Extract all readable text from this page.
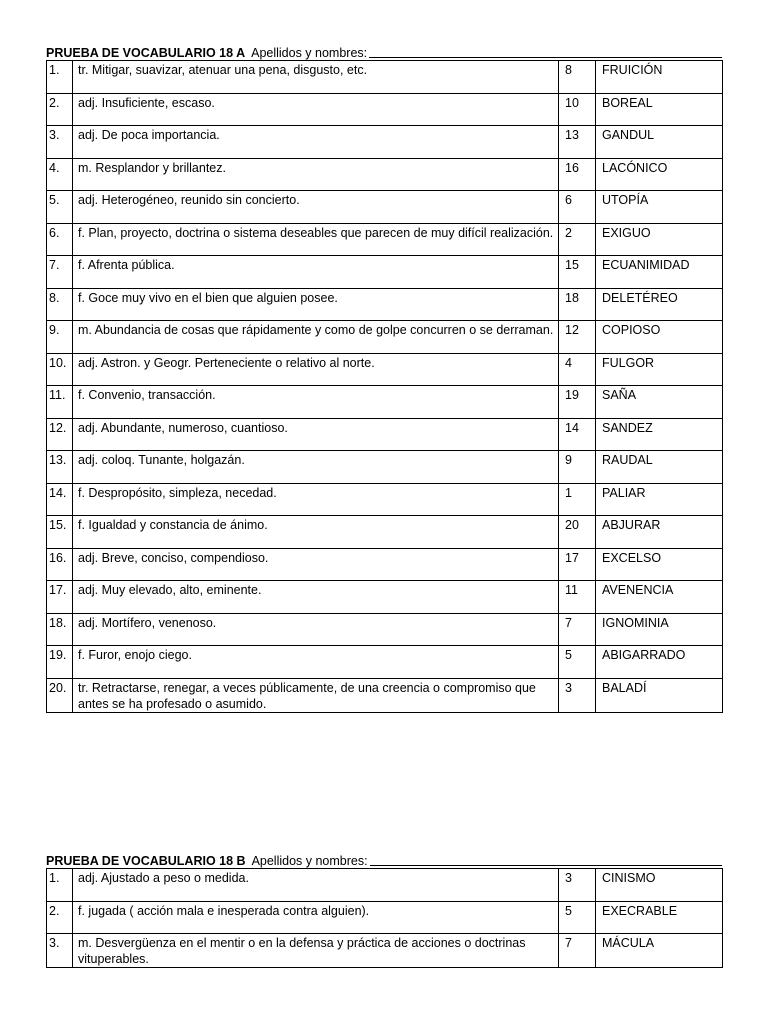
PRUEBA DE VOCABULARIO 18 A Apellidos y nombres:
1.	tr. Mitigar, suavizar, atenuar una pena, disgusto, etc.	8	FRUICIÓN
2.	adj. Insuficiente, escaso.	10	BOREAL
3.	adj. De poca importancia.	13	GANDUL
4.	m. Resplandor y brillantez.	16	LACÓNICO
5.	adj. Heterogéneo, reunido sin concierto.	6	UTOPÍA
6.	f. Plan, proyecto, doctrina o sistema deseables que parecen de muy difícil realización.	2	EXIGUO
7.	f. Afrenta pública.	15	ECUANIMIDAD
8.	f. Goce muy vivo en el bien que alguien posee.	18	DELETÉREO
9.	m. Abundancia de cosas que rápidamente y como de golpe concurren o se derraman.	12	COPIOSO
10.	adj. Astron. y Geogr. Perteneciente o relativo al norte.	4	FULGOR
11.	f. Convenio, transacción.	19	SAÑA
12.	adj. Abundante, numeroso, cuantioso.	14	SANDEZ
13.	adj. coloq. Tunante, holgazán.	9	RAUDAL
14.	f. Despropósito, simpleza, necedad.	1	PALIAR
15.	f. Igualdad y constancia de ánimo.	20	ABJURAR
16.	adj. Breve, conciso, compendioso.	17	EXCELSO
17.	adj. Muy elevado, alto, eminente.	11	AVENENCIA
18.	adj. Mortífero, venenoso.	7	IGNOMINIA
19.	f. Furor, enojo ciego.	5	ABIGARRADO
20.	tr. Retractarse, renegar, a veces públicamente, de una creencia o compromiso que antes se ha profesado o asumido.	3	BALADÍ
PRUEBA DE VOCABULARIO 18 B Apellidos y nombres:
1.	adj. Ajustado a peso o medida.	3	CINISMO
2.	f. jugada ( acción mala e inesperada contra alguien).	5	EXECRABLE
3.	m. Desvergüenza en el mentir o en la defensa y práctica de acciones o doctrinas vituperables.	7	MÁCULA
